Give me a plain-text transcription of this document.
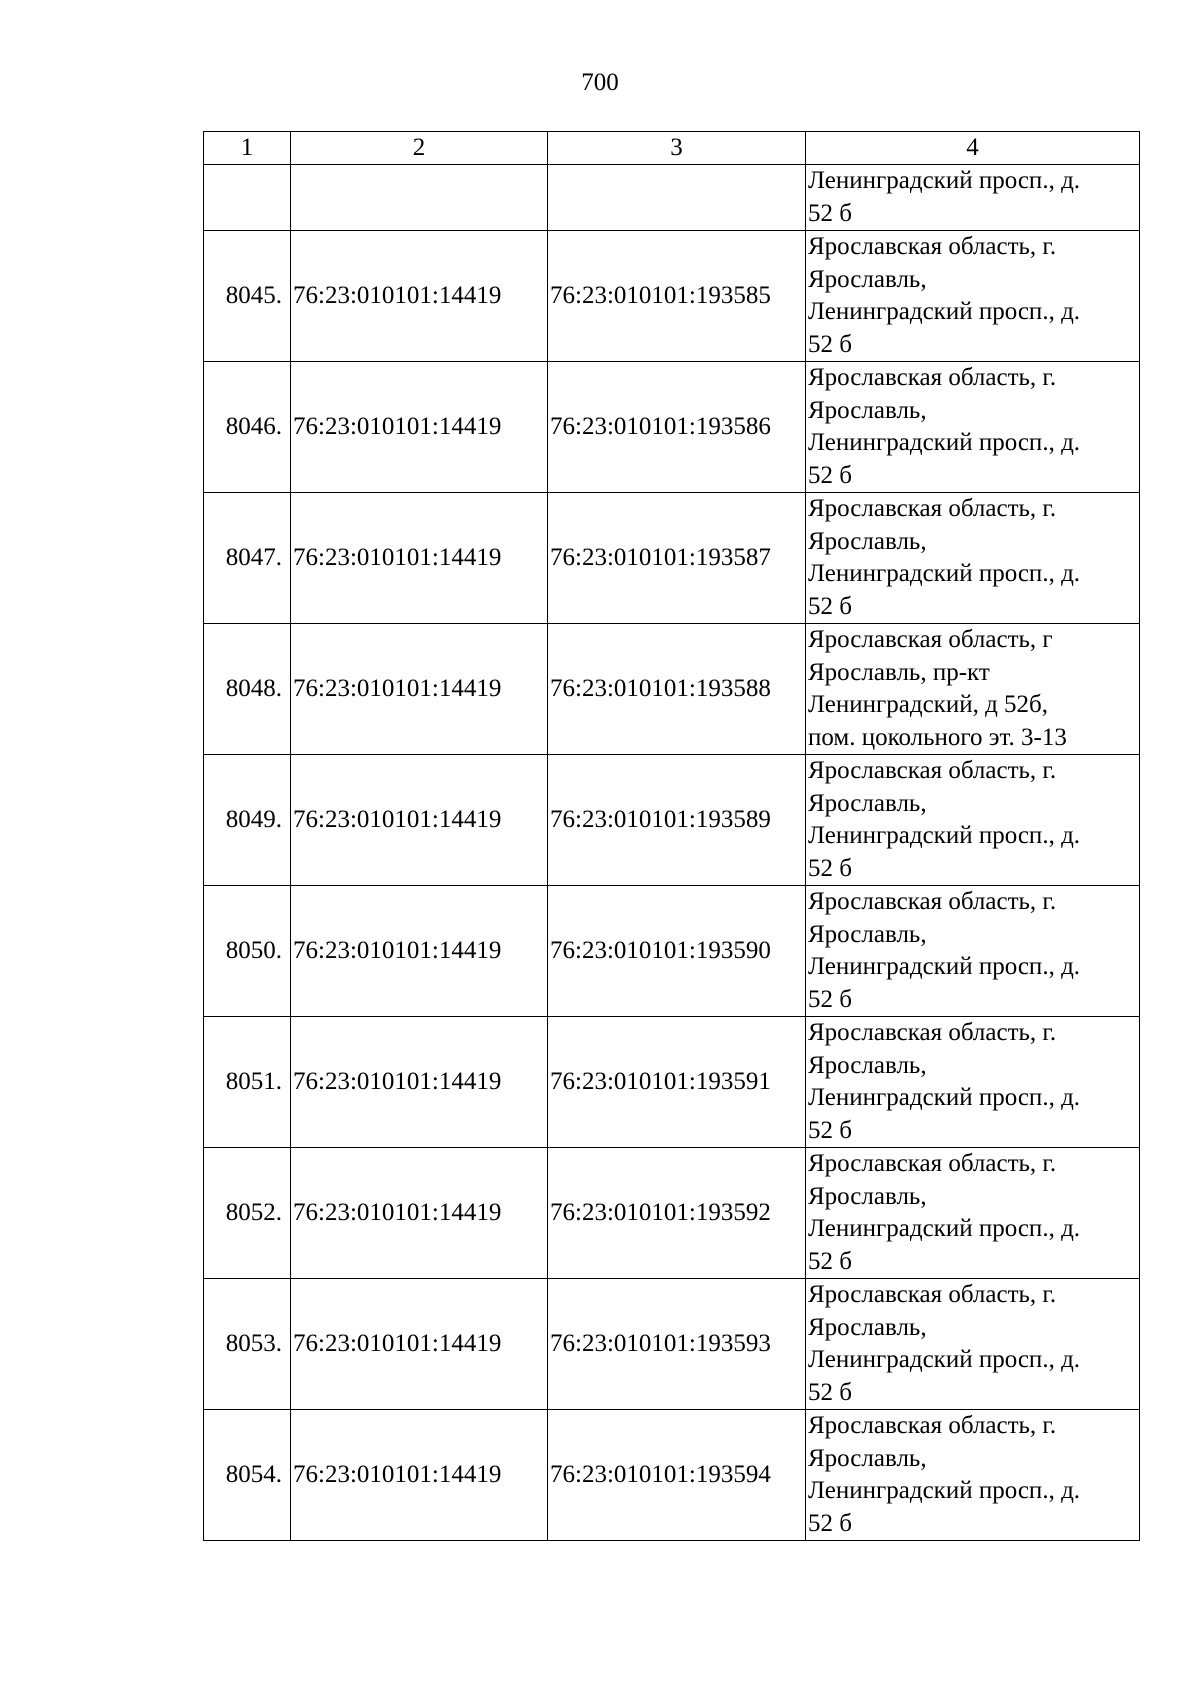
700
1	2	3	4

			Ленинградский просп., д.
52 б

8045.	76:23:010101:14419	76:23:010101:193585	Ярославская область, г.
Ярославль,
Ленинградский просп., д.
52 б

8046.	76:23:010101:14419	76:23:010101:193586	Ярославская область, г.
Ярославль,
Ленинградский просп., д.
52 б

8047.	76:23:010101:14419	76:23:010101:193587	Ярославская область, г.
Ярославль,
Ленинградский просп., д.
52 б

8048.	76:23:010101:14419	76:23:010101:193588	Ярославская область, г
Ярославль, пр-кт
Ленинградский, д 52б,
пом. цокольного эт. 3-13

8049.	76:23:010101:14419	76:23:010101:193589	Ярославская область, г.
Ярославль,
Ленинградский просп., д.
52 б

8050.	76:23:010101:14419	76:23:010101:193590	Ярославская область, г.
Ярославль,
Ленинградский просп., д.
52 б

8051.	76:23:010101:14419	76:23:010101:193591	Ярославская область, г.
Ярославль,
Ленинградский просп., д.
52 б

8052.	76:23:010101:14419	76:23:010101:193592	Ярославская область, г.
Ярославль,
Ленинградский просп., д.
52 б

8053.	76:23:010101:14419	76:23:010101:193593	Ярославская область, г.
Ярославль,
Ленинградский просп., д.
52 б

8054.	76:23:010101:14419	76:23:010101:193594	Ярославская область, г.
Ярославль,
Ленинградский просп., д.
52 б
